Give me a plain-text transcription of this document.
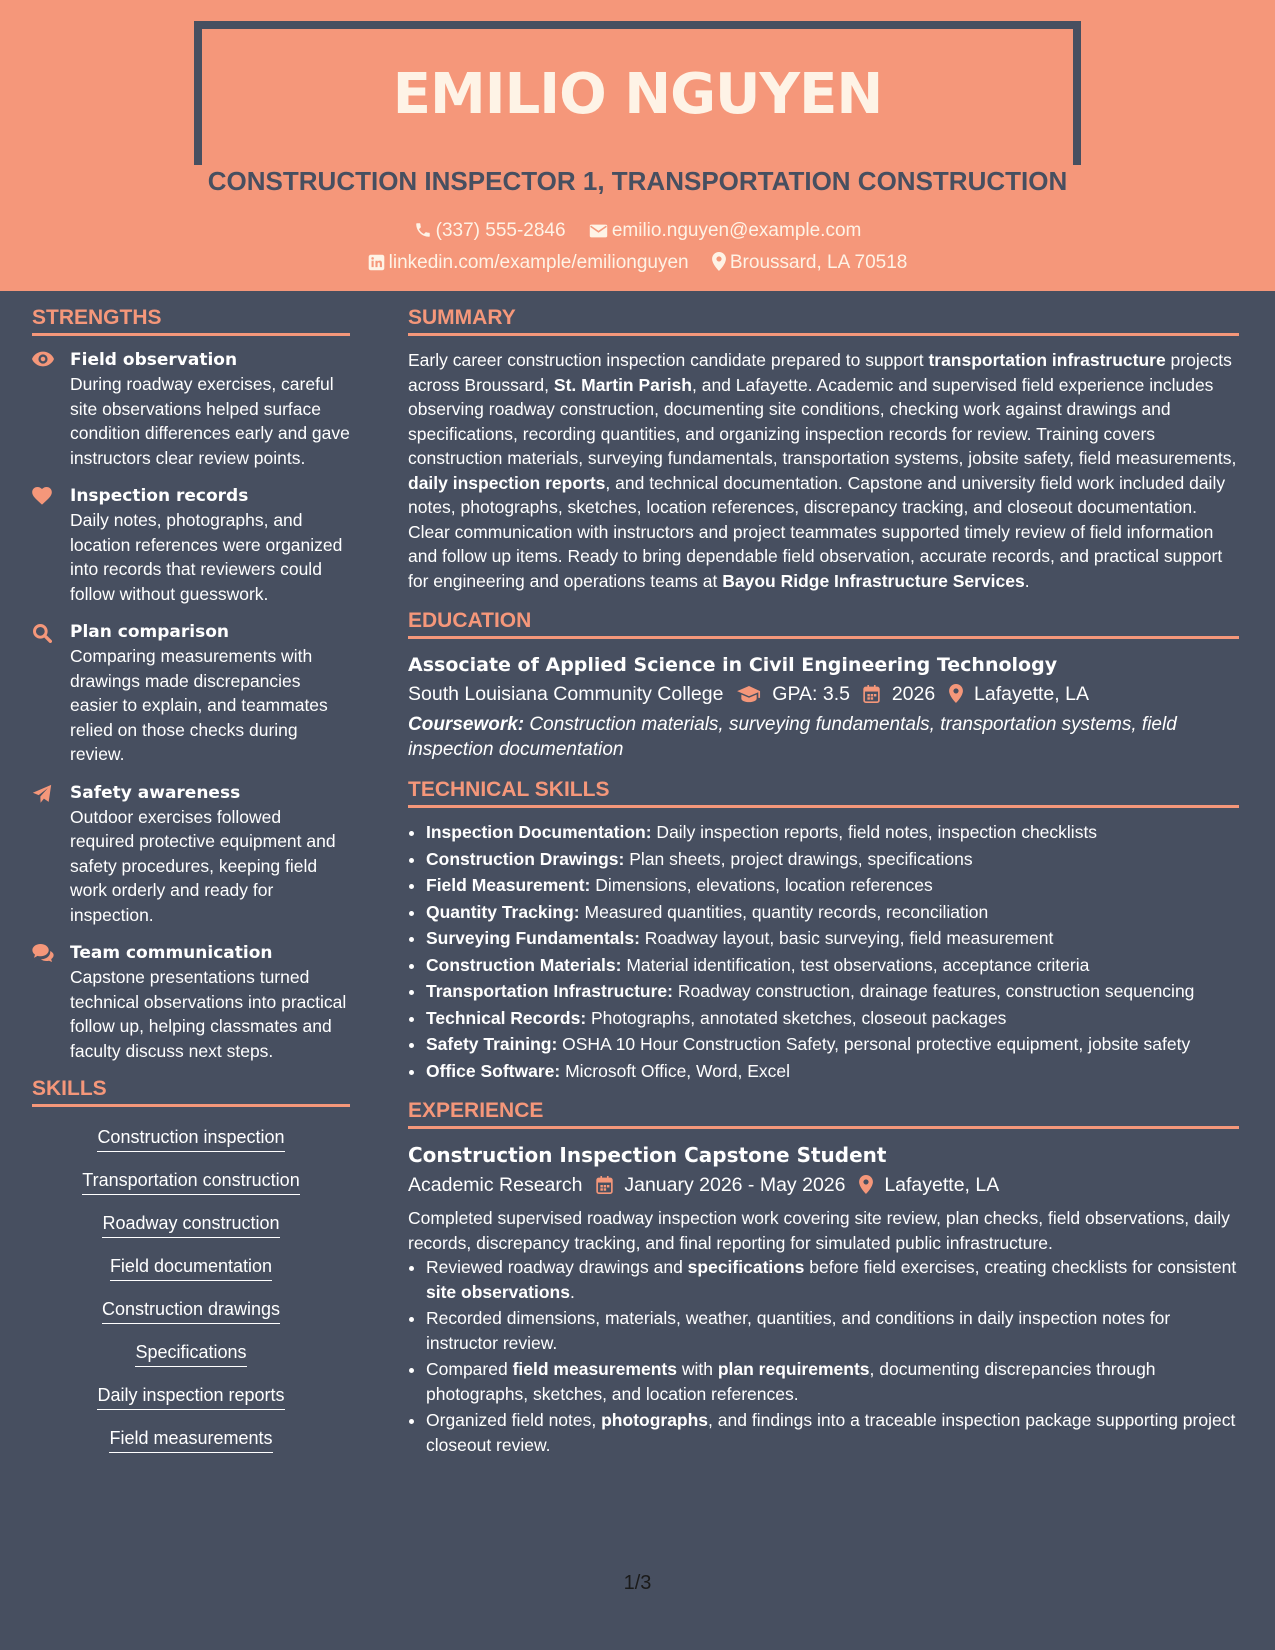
EMILIO NGUYEN
CONSTRUCTION INSPECTOR 1, TRANSPORTATION CONSTRUCTION
(337) 555-2846 emilio.nguyen@example.com
linkedin.com/example/emilionguyen Broussard, LA 70518
STRENGTHS
Field observation
During roadway exercises, careful site observations helped surface condition differences early and gave instructors clear review points.
Inspection records
Daily notes, photographs, and location references were organized into records that reviewers could follow without guesswork.
Plan comparison
Comparing measurements with drawings made discrepancies easier to explain, and teammates relied on those checks during review.
Safety awareness
Outdoor exercises followed required protective equipment and safety procedures, keeping field work orderly and ready for inspection.
Team communication
Capstone presentations turned technical observations into practical follow up, helping classmates and faculty discuss next steps.
SKILLS
Construction inspection
Transportation construction
Roadway construction
Field documentation
Construction drawings
Specifications
Daily inspection reports
Field measurements
SUMMARY
Early career construction inspection candidate prepared to support transportation infrastructure projects across Broussard, St. Martin Parish, and Lafayette. Academic and supervised field experience includes observing roadway construction, documenting site conditions, checking work against drawings and specifications, recording quantities, and organizing inspection records for review. Training covers construction materials, surveying fundamentals, transportation systems, jobsite safety, field measurements, daily inspection reports, and technical documentation. Capstone and university field work included daily notes, photographs, sketches, location references, discrepancy tracking, and closeout documentation. Clear communication with instructors and project teammates supported timely review of field information and follow up items. Ready to bring dependable field observation, accurate records, and practical support for engineering and operations teams at Bayou Ridge Infrastructure Services.
EDUCATION
Associate of Applied Science in Civil Engineering Technology
South Louisiana Community College	GPA: 3.5 2026 Lafayette, LA
Coursework: Construction materials, surveying fundamentals, transportation systems, field inspection documentation
TECHNICAL SKILLS
• Inspection Documentation: Daily inspection reports, field notes, inspection checklists
• Construction Drawings: Plan sheets, project drawings, specifications
• Field Measurement: Dimensions, elevations, location references
• Quantity Tracking: Measured quantities, quantity records, reconciliation
• Surveying Fundamentals: Roadway layout, basic surveying, field measurement
• Construction Materials: Material identification, test observations, acceptance criteria
• Transportation Infrastructure: Roadway construction, drainage features, construction sequencing
• Technical Records: Photographs, annotated sketches, closeout packages
• Safety Training: OSHA 10 Hour Construction Safety, personal protective equipment, jobsite safety
• Office Software: Microsoft Office, Word, Excel
EXPERIENCE
Construction Inspection Capstone Student
Academic Research January 2026 - May 2026 Lafayette, LA
Completed supervised roadway inspection work covering site review, plan checks, field observations, daily records, discrepancy tracking, and final reporting for simulated public infrastructure.
• Reviewed roadway drawings and specifications before field exercises, creating checklists for consistent site observations.
• Recorded dimensions, materials, weather, quantities, and conditions in daily inspection notes for instructor review.
• Compared field measurements with plan requirements, documenting discrepancies through photographs, sketches, and location references.
• Organized field notes, photographs, and findings into a traceable inspection package supporting project closeout review.
1/3
